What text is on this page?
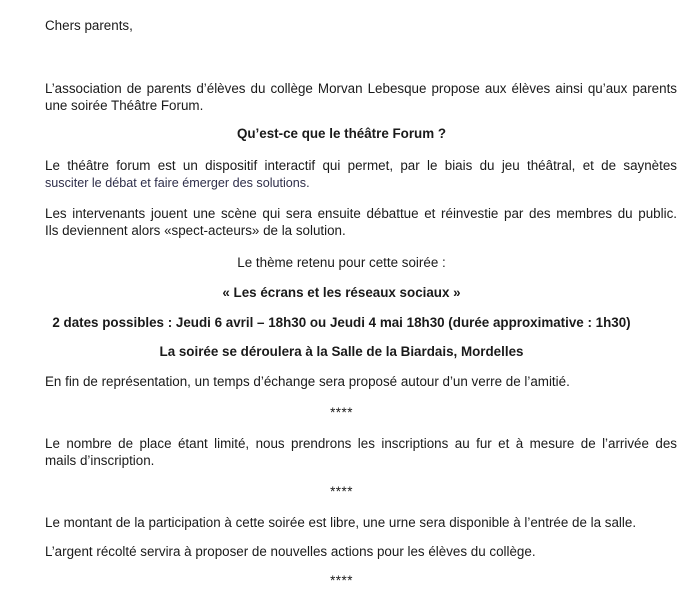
Chers parents,

L’association de parents d’élèves du collège Morvan Lebesque propose aux élèves ainsi qu’aux parents

une soirée Théâtre Forum.

Qu’est-ce que le théâtre Forum ?

Le théâtre forum est un dispositif interactif qui permet, par le biais du jeu théâtral, et de saynètes

susciter le débat et faire émerger des solutions.

Les intervenants jouent une scène qui sera ensuite débattue et réinvestie par des membres du public.

Ils deviennent alors «spect-acteurs» de la solution.

Le thème retenu pour cette soirée :

« Les écrans et les réseaux sociaux »

2 dates possibles : Jeudi 6 avril – 18h30 ou Jeudi 4 mai 18h30 (durée approximative : 1h30)

La soirée se déroulera à la Salle de la Biardais, Mordelles

En fin de représentation, un temps d’échange sera proposé autour d’un verre de l’amitié.

****

Le nombre de place étant limité, nous prendrons les inscriptions au fur et à mesure de l’arrivée des

mails d’inscription.

****

Le montant de la participation à cette soirée est libre, une urne sera disponible à l’entrée de la salle.

L’argent récolté servira à proposer de nouvelles actions pour les élèves du collège.

****
